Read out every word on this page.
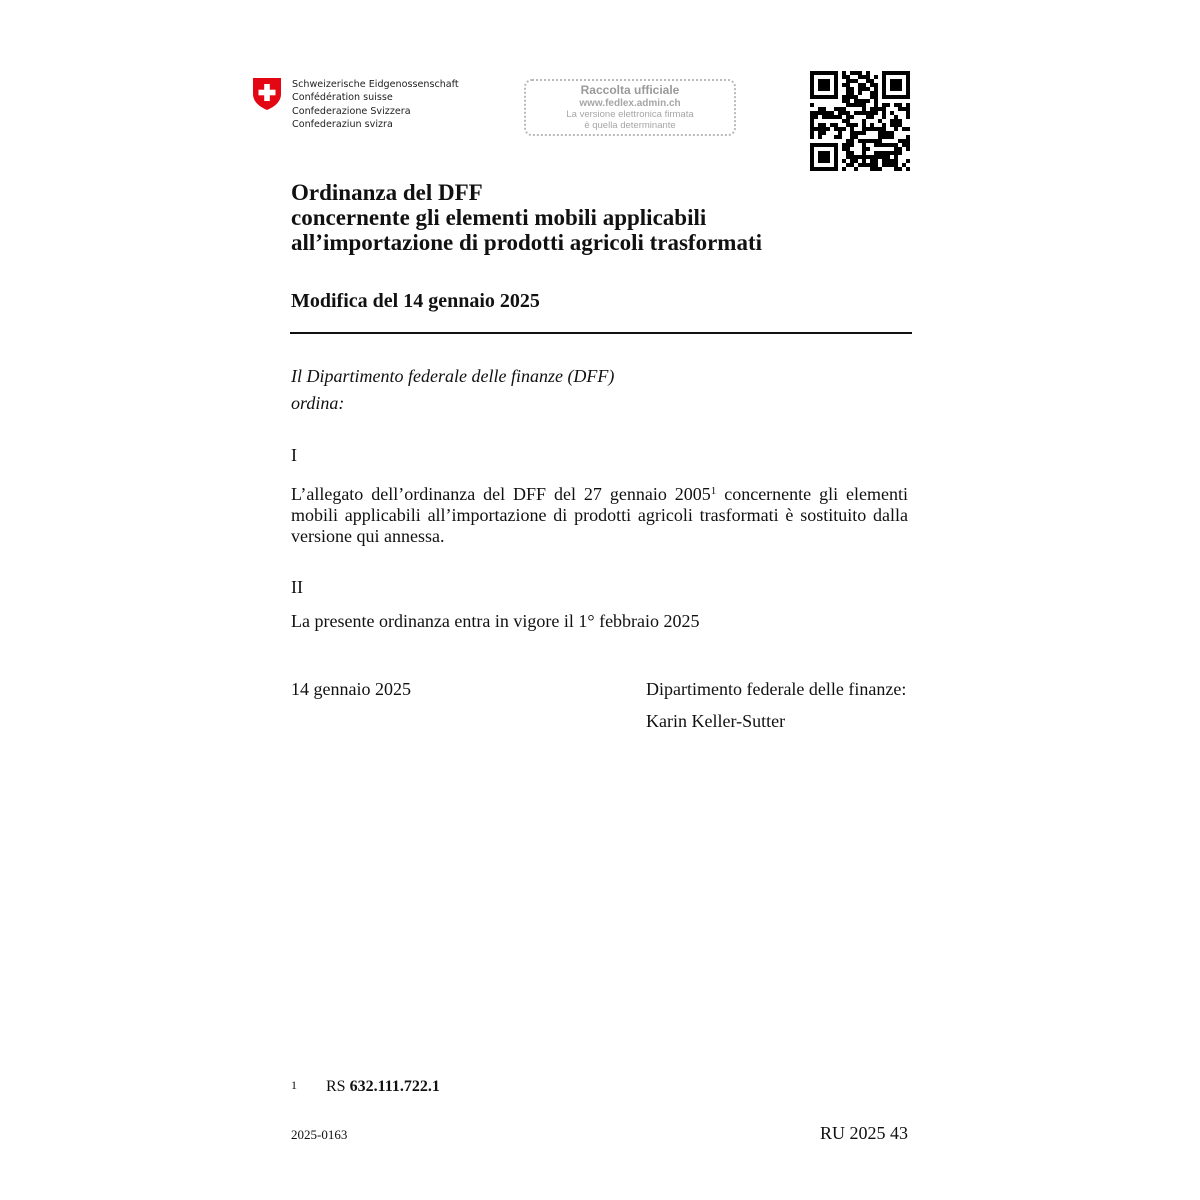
Schweizerische Eidgenossenschaft
Confédération suisse
Confederazione Svizzera
Confederaziun svizra
Raccolta ufficiale
www.fedlex.admin.ch
La versione elettronica firmata
è quella determinante
Ordinanza del DFF
concernente gli elementi mobili applicabili
all’importazione di prodotti agricoli trasformati
Modifica del 14 gennaio 2025
Il Dipartimento federale delle finanze (DFF)
ordina:
I
L’allegato dell’ordinanza del DFF del 27 gennaio 2005$^1$ concernente gli elementi mobili applicabili all’importazione di prodotti agricoli trasformati è sostituito dalla versione qui annessa.
II
La presente ordinanza entra in vigore il 1° febbraio 2025
14 gennaio 2025	Dipartimento federale delle finanze:
Karin Keller-Sutter
1 RS 632.111.722.1
2025-0163	RU 2025 43
